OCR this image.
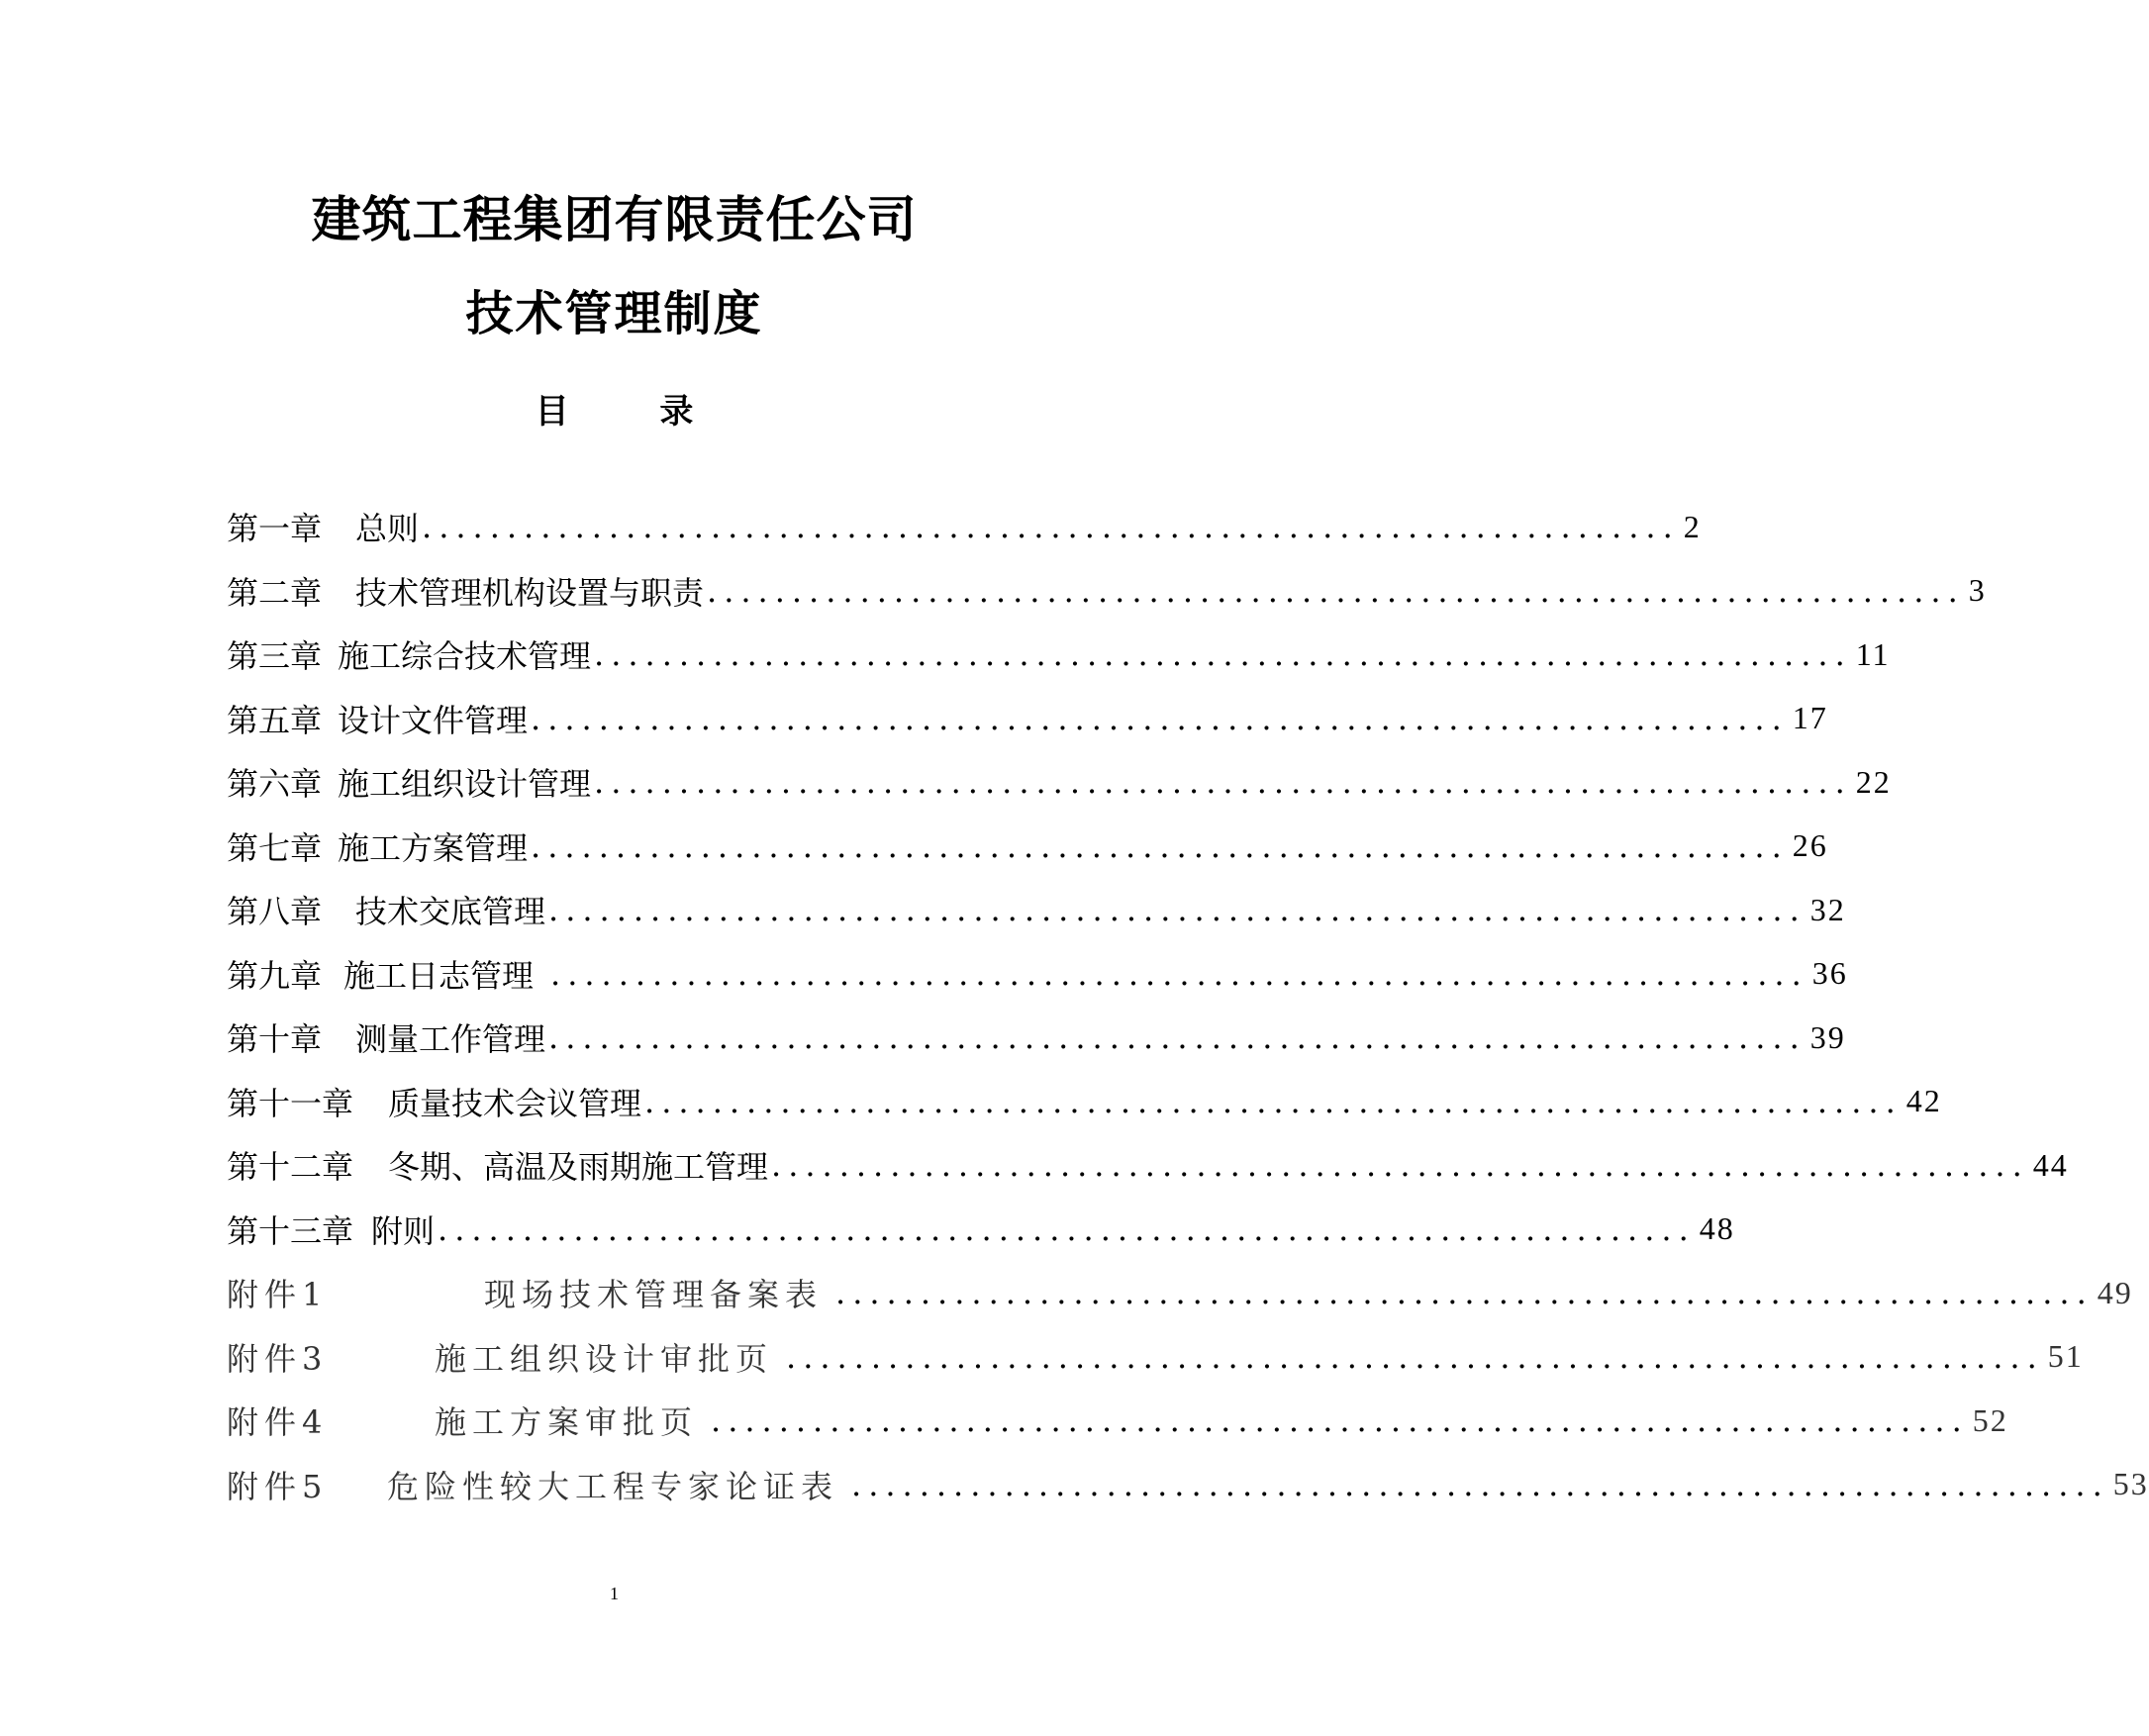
建筑工程集团有限责任公司
技术管理制度
目 录
第一章	总则 .......................................................................... 2
第二章	技术管理机构设置与职责 .......................................................................... 3
第三章 施工综合技术管理 .......................................................................... 11
第五章 设计文件管理 .......................................................................... 17
第六章 施工组织设计管理 .......................................................................... 22
第七章 施工方案管理 .......................................................................... 26
第八章	技术交底管理 .......................................................................... 32
第九章 施工日志管理 .......................................................................... 36
第十章	测量工作管理 .......................................................................... 39
第十一章	质量技术会议管理 .......................................................................... 42
第十二章	冬期、高温及雨期施工管理 .......................................................................... 44
第十三章 附则 .......................................................................... 48
附件1	现场技术管理备案表 .......................................................................... 49
附件3	施工组织设计审批页 .......................................................................... 51
附件4	施工方案审批页 .......................................................................... 52
附件5	危险性较大工程专家论证表 .......................................................................... 53
1
